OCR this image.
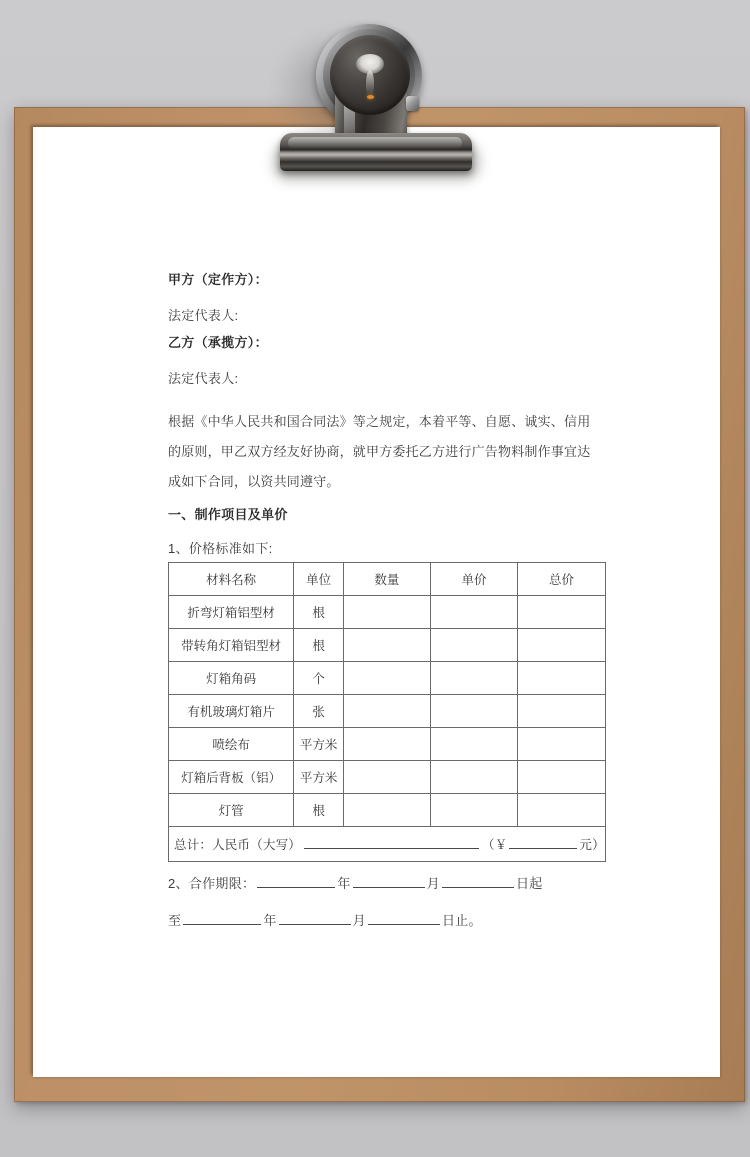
甲方（定作方）：
法定代表人:
乙方（承揽方）：
法定代表人:
根据《中华人民共和国合同法》等之规定，本着平等、自愿、诚实、信用的原则，甲乙双方经友好协商，就甲方委托乙方进行广告物料制作事宜达成如下合同，以资共同遵守。
一、制作项目及单价
1、价格标准如下:
材料名称	单位	数量	单价	总价
折弯灯箱铝型材	根			
带转角灯箱铝型材	根			
灯箱角码	个			
有机玻璃灯箱片	张			
喷绘布	平方米			
灯箱后背板（铝）	平方米			
灯管	根			
总计：人民币（大写） （￥ 元）				
2、合作期限：	年	月	日起
至	年	月	日止。
